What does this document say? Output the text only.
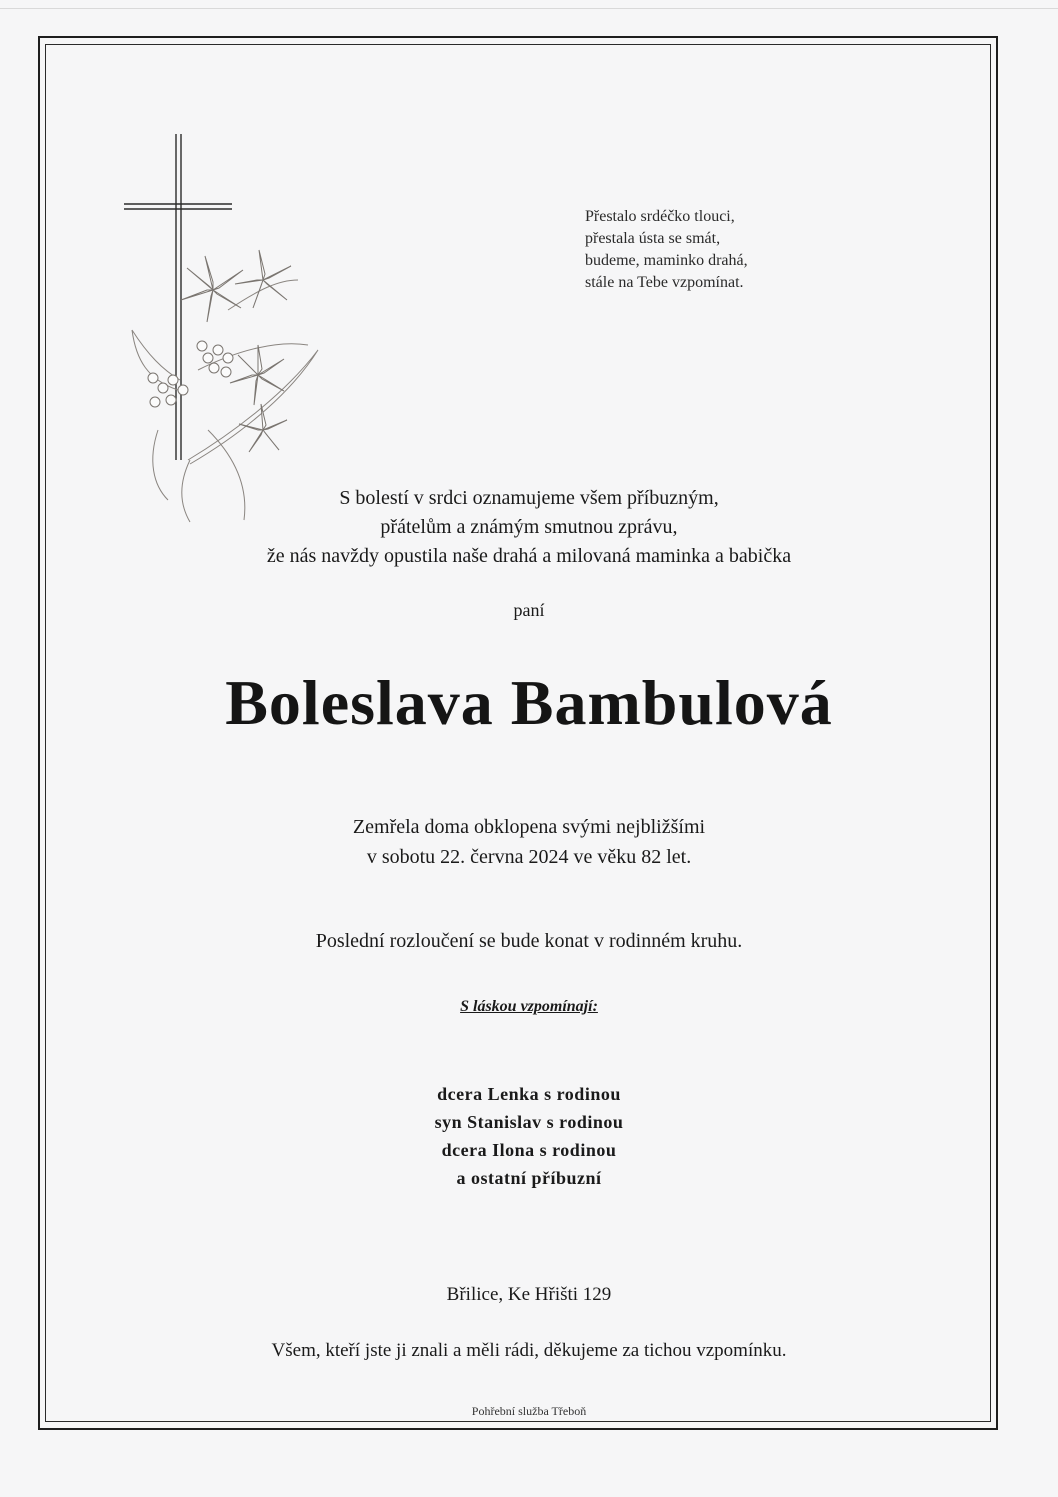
Přestalo srdéčko tlouci,
přestala ústa se smát,
budeme, maminko drahá,
stále na Tebe vzpomínat.
S bolestí v srdci oznamujeme všem příbuzným,
přátelům a známým smutnou zprávu,
že nás navždy opustila naše drahá a milovaná maminka a babička
paní
Boleslava Bambulová
Zemřela doma obklopena svými nejbližšími
v sobotu 22. června 2024 ve věku 82 let.
Poslední rozloučení se bude konat v rodinném kruhu.
S láskou vzpomínají:
dcera Lenka s rodinou
syn Stanislav s rodinou
dcera Ilona s rodinou
a ostatní příbuzní
Břilice, Ke Hřišti 129
Všem, kteří jste ji znali a měli rádi, děkujeme za tichou vzpomínku.
Pohřební služba Třeboň
